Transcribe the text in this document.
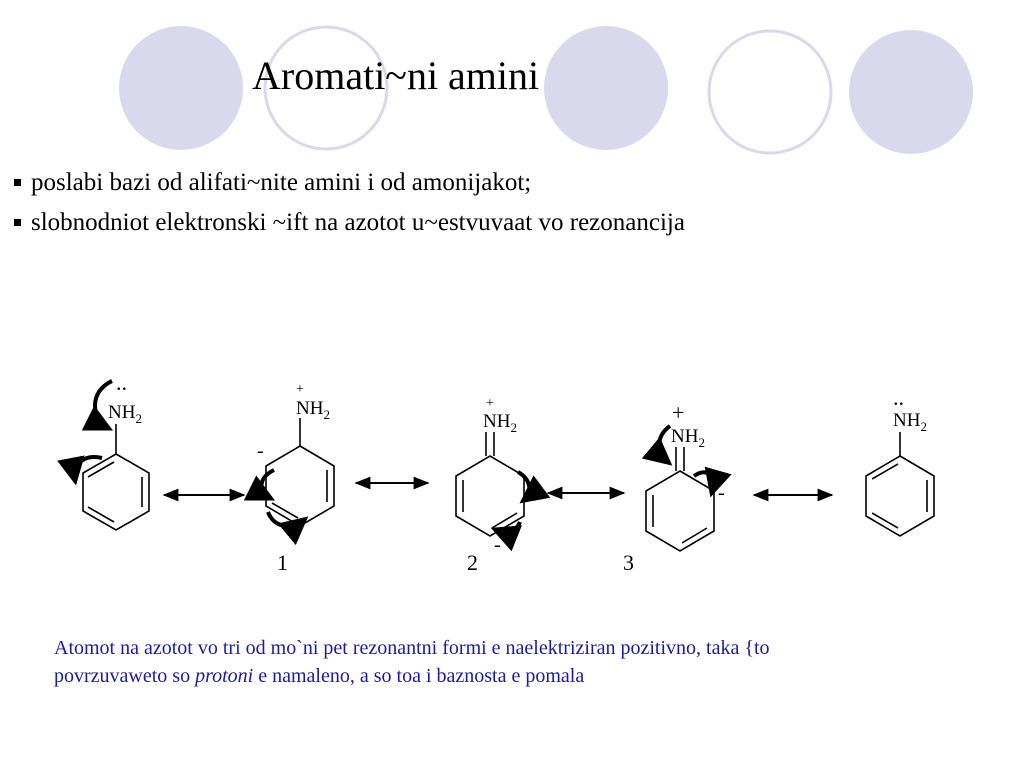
Aromati~ni amini
poslabi bazi od alifati~nite amini i od amonijakot;
slobnodniot elektronski ~ift na azotot u~estvuvaat vo rezonancija
$NH_2$
..	+
$NH_2$
-
+
$NH_2$
-
+
$NH_2$
-
..
$NH_2$
1	2	3
Atomot na azotot vo tri od mo`ni pet rezonantni formi e naelektriziran pozitivno, taka {to povrzuvaweto so protoni e namaleno, a so toa i baznosta e pomala
